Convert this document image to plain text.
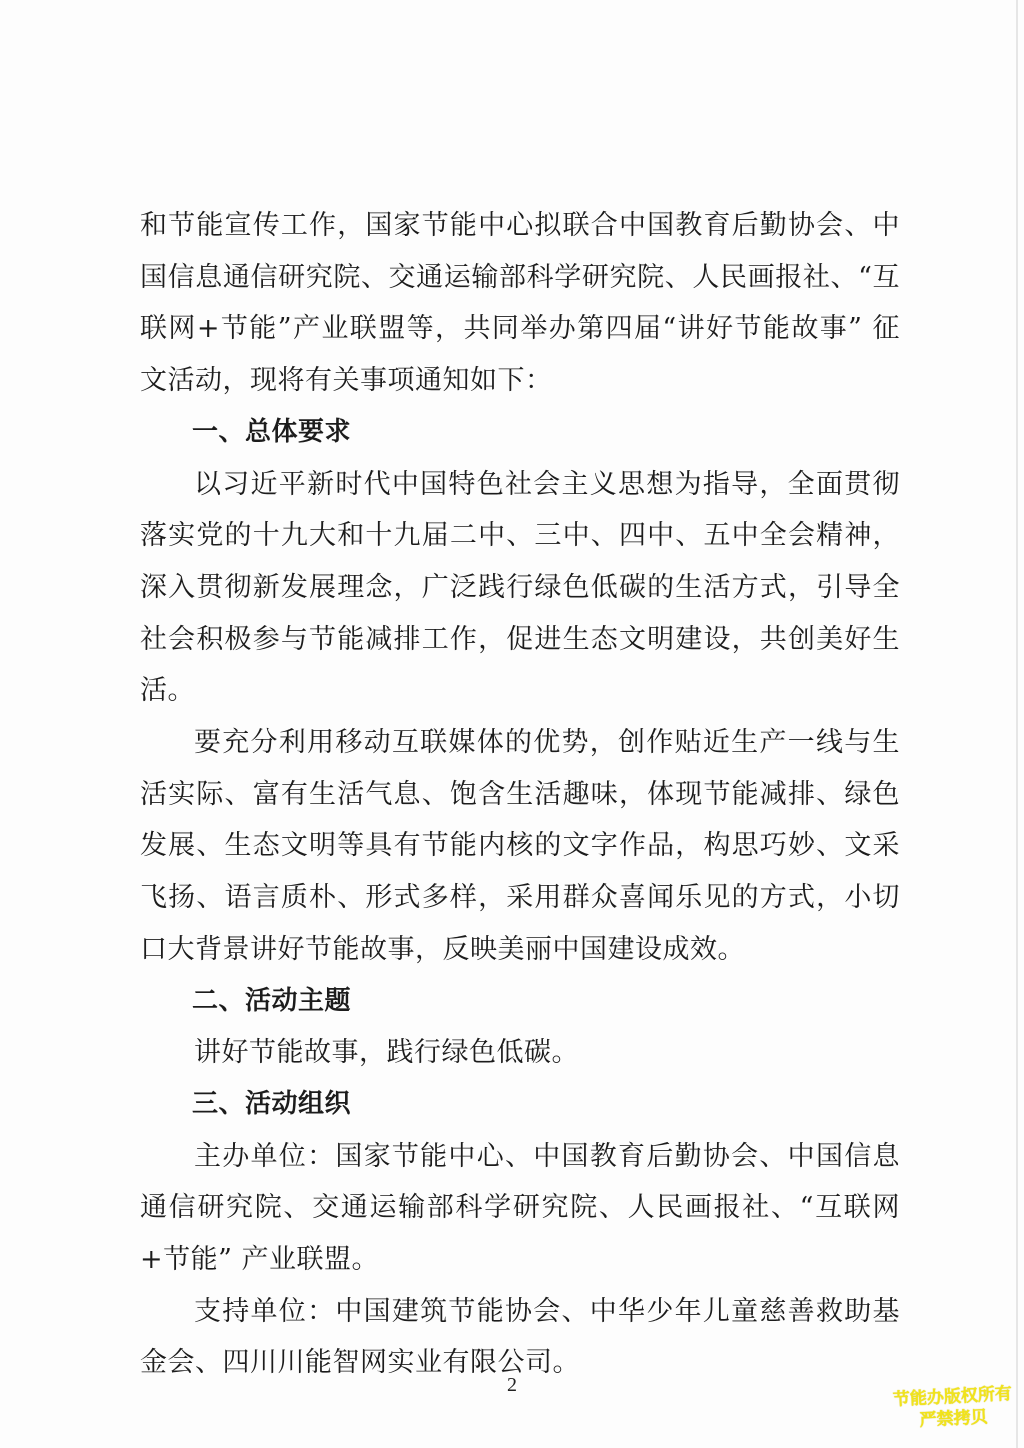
和节能宣传工作，国家节能中心拟联合中国教育后勤协会、中国信息通信研究院、交通运输部科学研究院、人民画报社、“互联网+节能”产业联盟等，共同举办第四届“讲好节能故事” 征文活动，现将有关事项通知如下：

一、总体要求

以习近平新时代中国特色社会主义思想为指导，全面贯彻落实党的十九大和十九届二中、三中、四中、五中全会精神，深入贯彻新发展理念，广泛践行绿色低碳的生活方式，引导全社会积极参与节能减排工作，促进生态文明建设，共创美好生活。

要充分利用移动互联媒体的优势，创作贴近生产一线与生活实际、富有生活气息、饱含生活趣味，体现节能减排、绿色发展、生态文明等具有节能内核的文字作品，构思巧妙、文采飞扬、语言质朴、形式多样，采用群众喜闻乐见的方式，小切口大背景讲好节能故事，反映美丽中国建设成效。

二、活动主题

讲好节能故事，践行绿色低碳。

三、活动组织

主办单位：国家节能中心、中国教育后勤协会、中国信息通信研究院、交通运输部科学研究院、人民画报社、“互联网+节能” 产业联盟。

支持单位：中国建筑节能协会、中华少年儿童慈善救助基金会、四川川能智网实业有限公司。

2	节能办版权所有
严禁拷贝
